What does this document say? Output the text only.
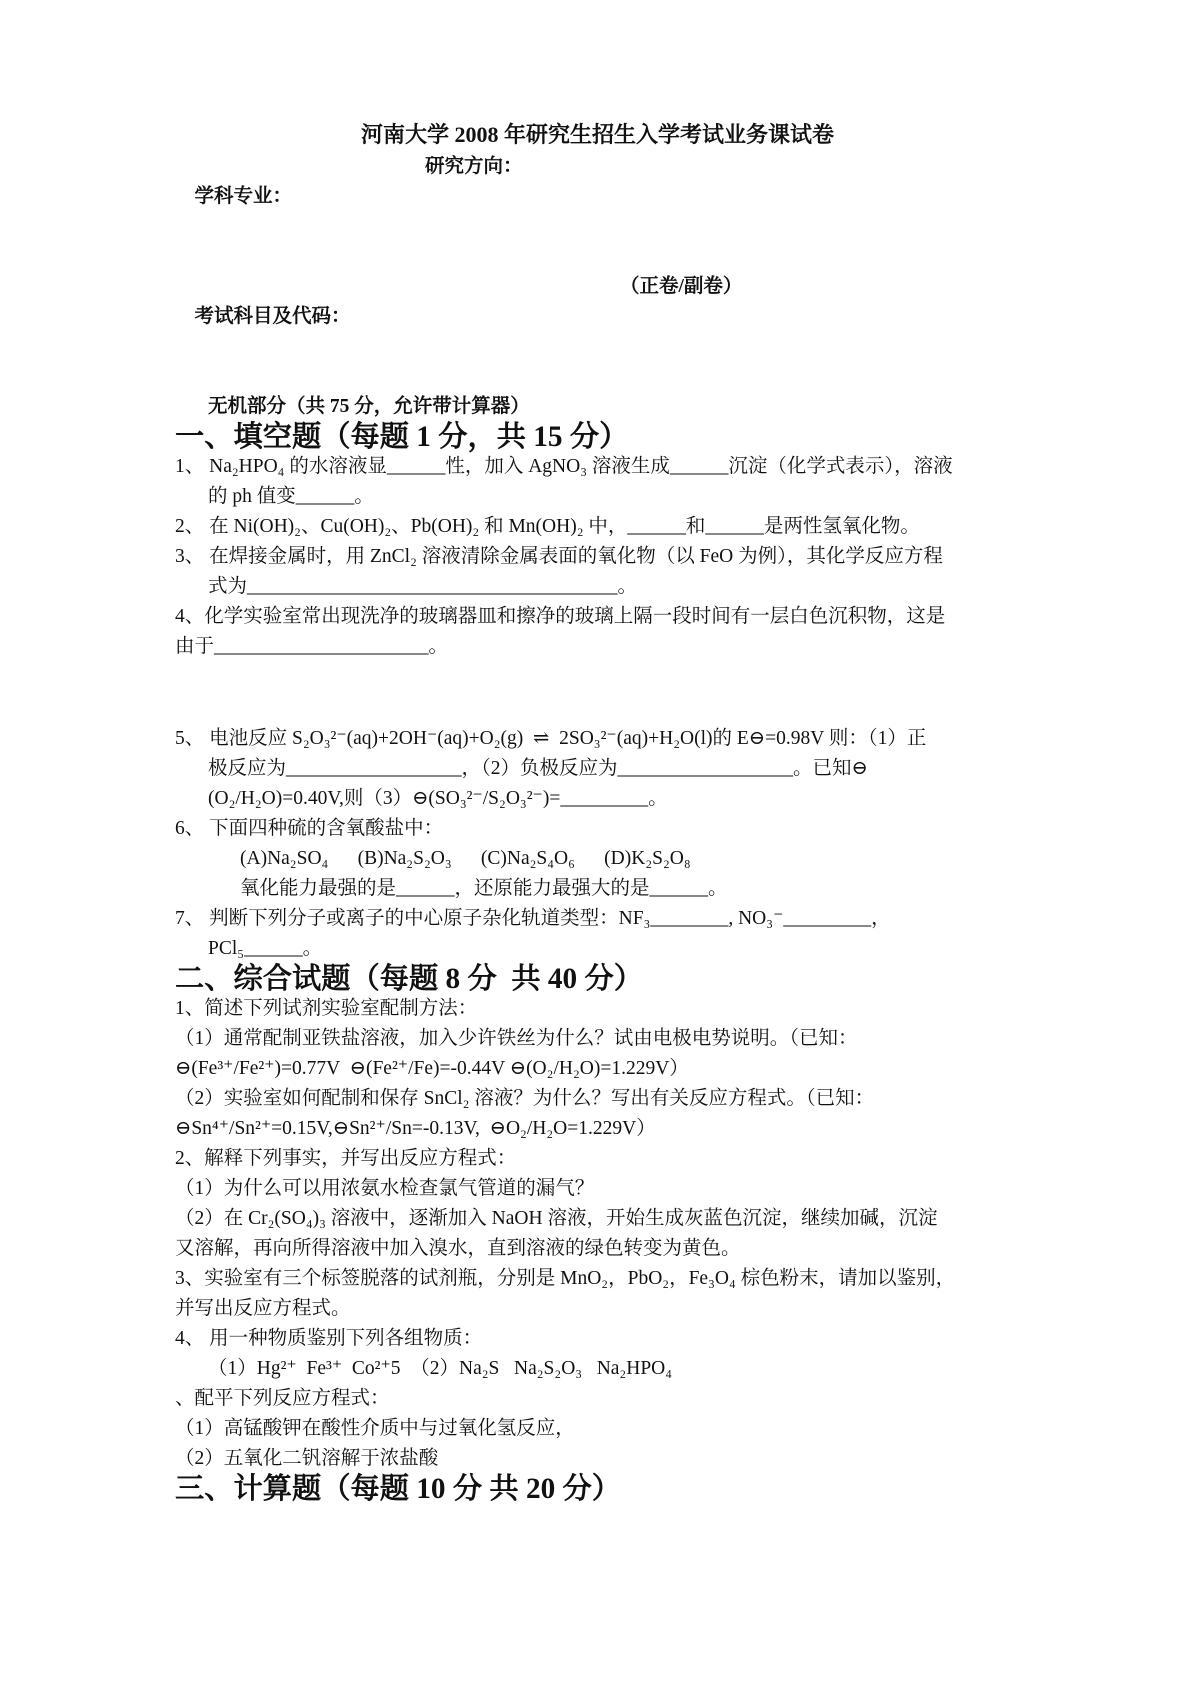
河南大学 2008 年研究生招生入学考试业务课试卷

学科专业：

研究方向：

考试科目及代码：

（正卷/副卷）

无机部分（共 75 分，允许带计算器）

一、填空题（每题 1 分，共 15 分）

1、 Na₂HPO₄ 的水溶液显______性，加入 AgNO₃ 溶液生成______沉淀（化学式表示），溶液

的 ph 值变______。

2、 在 Ni(OH)₂、Cu(OH)₂、Pb(OH)₂ 和 Mn(OH)₂ 中，______和______是两性氢氧化物。

3、 在焊接金属时，用 ZnCl₂ 溶液清除金属表面的氧化物（以 FeO 为例），其化学反应方程

式为______________________________________。

4、化学实验室常出现洗净的玻璃器皿和擦净的玻璃上隔一段时间有一层白色沉积物，这是

由于______________________。

5、 电池反应 S₂O₃²⁻(aq)+2OH⁻(aq)+O₂(g)  ⇌  2SO₃²⁻(aq)+H₂O(l)的 E⊖=0.98V 则：（1）正

极反应为__________________，（2）负极反应为__________________。已知⊖

(O₂/H₂O)=0.40V,则（3）⊖(SO₃²⁻/S₂O₃²⁻)=_________。

6、 下面四种硫的含氧酸盐中：

(A)Na₂SO₄      (B)Na₂S₂O₃      (C)Na₂S₄O₆      (D)K₂S₂O₈

氧化能力最强的是______，还原能力最强大的是______。

7、 判断下列分子或离子的中心原子杂化轨道类型：NF₃________, NO₃⁻_________，

PCl₅______。

二、综合试题（每题 8 分  共 40 分）

1、简述下列试剂实验室配制方法：

（1）通常配制亚铁盐溶液，加入少许铁丝为什么？试由电极电势说明。（已知：

⊖(Fe³⁺/Fe²⁺)=0.77V  ⊖(Fe²⁺/Fe)=-0.44V ⊖(O₂/H₂O)=1.229V）

（2）实验室如何配制和保存 SnCl₂ 溶液？为什么？写出有关反应方程式。（已知：

⊖Sn⁴⁺/Sn²⁺=0.15V,⊖Sn²⁺/Sn=-0.13V,  ⊖O₂/H₂O=1.229V）

2、解释下列事实，并写出反应方程式：

（1）为什么可以用浓氨水检查氯气管道的漏气？

（2）在 Cr₂(SO₄)₃ 溶液中，逐渐加入 NaOH 溶液，开始生成灰蓝色沉淀，继续加碱，沉淀

又溶解，再向所得溶液中加入溴水，直到溶液的绿色转变为黄色。

3、实验室有三个标签脱落的试剂瓶，分别是 MnO₂，PbO₂，Fe₃O₄ 棕色粉末，请加以鉴别，

并写出反应方程式。

4、 用一种物质鉴别下列各组物质：

（1）Hg²⁺  Fe³⁺  Co²⁺5  （2）Na₂S   Na₂S₂O₃   Na₂HPO₄

、配平下列反应方程式：

（1）高锰酸钾在酸性介质中与过氧化氢反应，

（2）五氧化二钒溶解于浓盐酸

三、计算题（每题 10 分 共 20 分）
